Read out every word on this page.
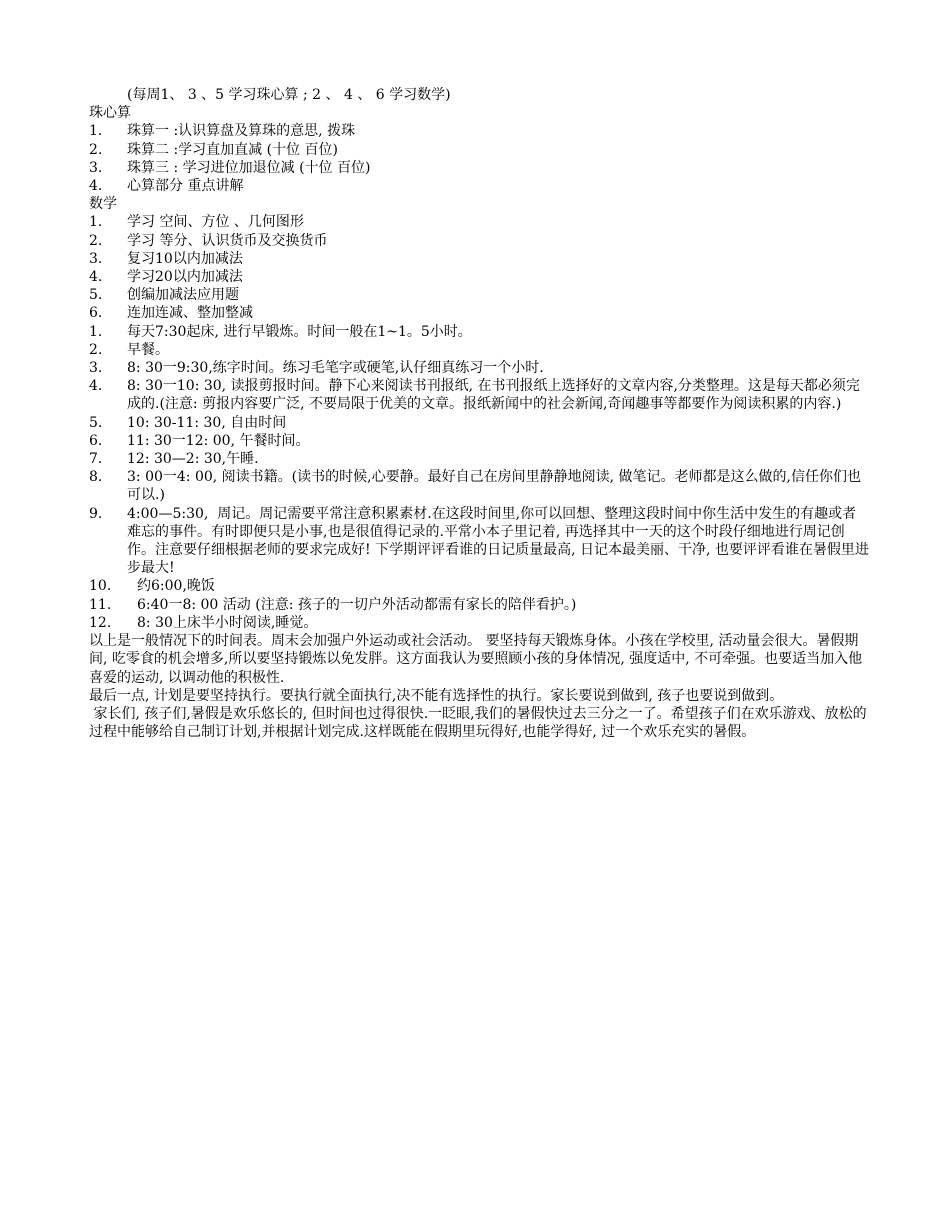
(每周1、 3 、5 学习珠心算 ; 2 、 4 、 6 学习数学)
珠心算
1.	珠算一 :认识算盘及算珠的意思, 拨珠
2.	珠算二 :学习直加直减 (十位 百位)
3.	珠算三 : 学习进位加退位减 (十位 百位)
4.	心算部分 重点讲解
数学
1.	学习 空间、方位 、几何图形
2.	学习 等分、认识货币及交换货币
3.	复习10以内加减法
4.	学习20以内加减法
5.	创编加减法应用题
6.	连加连减、整加整减
1.	每天7:30起床, 进行早锻炼。时间一般在1~1。5小时。
2.	早餐。
3.	8: 30一9:30,练字时间。练习毛笔字或硬笔,认仔细真练习一个小时.
4.	8: 30一10: 30, 读报剪报时间。静下心来阅读书刊报纸, 在书刊报纸上选择好的文章内容,分类整理。这是每天都必须完成的.(注意: 剪报内容要广泛, 不要局限于优美的文章。报纸新闻中的社会新闻,奇闻趣事等都要作为阅读积累的内容.)
5.	10: 30-11: 30, 自由时间
6.	11: 30一12: 00, 午餐时间。
7.	12: 30—2: 30,午睡.
8.	3: 00一4: 00, 阅读书籍。(读书的时候,心要静。最好自己在房间里静静地阅读, 做笔记。老师都是这么做的,信任你们也可以.)
9.	4:00—5:30,  周记。周记需要平常注意积累素材.在这段时间里,你可以回想、整理这段时间中你生活中发生的有趣或者难忘的事件。有时即便只是小事,也是很值得记录的.平常小本子里记着, 再选择其中一天的这个时段仔细地进行周记创作。注意要仔细根据老师的要求完成好! 下学期评评看谁的日记质量最高, 日记本最美丽、干净, 也要评评看谁在暑假里进步最大!
10.	约6:00,晚饭
11.	6:40一8: 00 活动 (注意: 孩子的一切户外活动都需有家长的陪伴看护。)
12.	8: 30上床半小时阅读,睡觉。
以上是一般情况下的时间表。周末会加强户外运动或社会活动。 要坚持每天锻炼身体。小孩在学校里, 活动量会很大。暑假期间, 吃零食的机会增多,所以要坚持锻炼以免发胖。这方面我认为要照顾小孩的身体情况, 强度适中, 不可牵强。也要适当加入他喜爱的运动, 以调动他的积极性.
最后一点, 计划是要坚持执行。要执行就全面执行,决不能有选择性的执行。家长要说到做到, 孩子也要说到做到。
家长们, 孩子们,暑假是欢乐悠长的, 但时间也过得很快.一眨眼,我们的暑假快过去三分之一了。希望孩子们在欢乐游戏、放松的过程中能够给自己制订计划,并根据计划完成.这样既能在假期里玩得好,也能学得好, 过一个欢乐充实的暑假。
